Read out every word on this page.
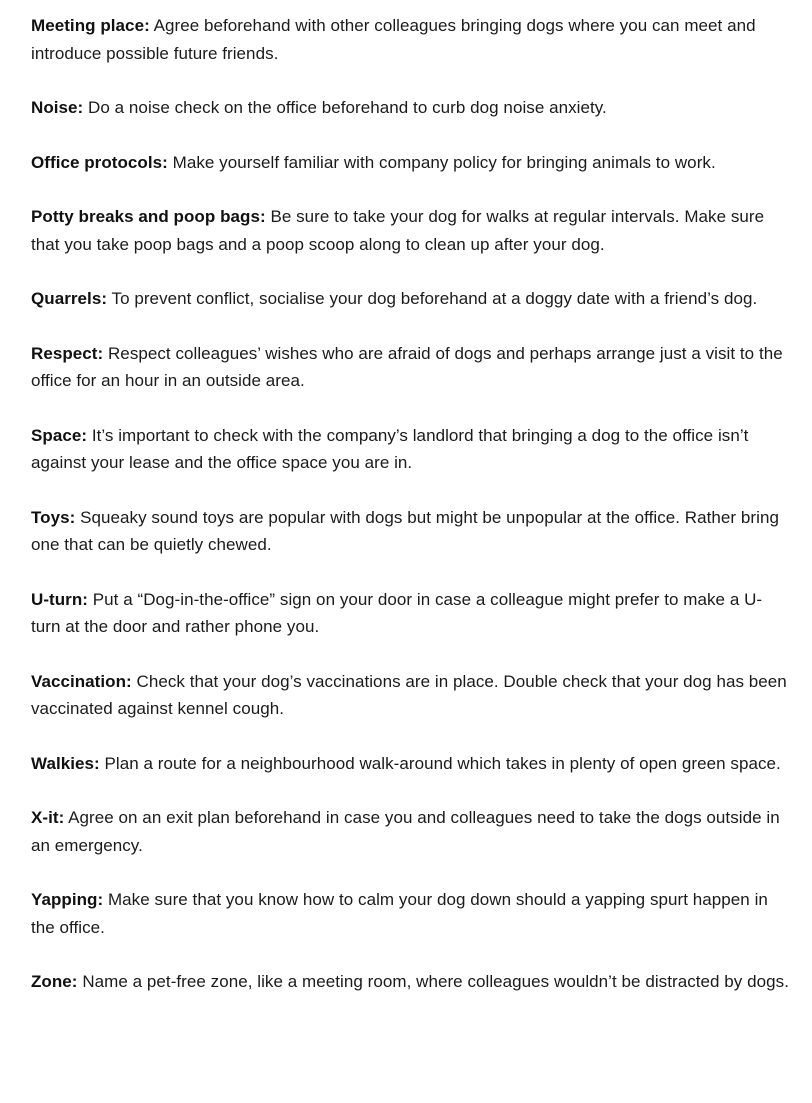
Meeting place: Agree beforehand with other colleagues bringing dogs where you can meet and introduce possible future friends.

Noise: Do a noise check on the office beforehand to curb dog noise anxiety.

Office protocols: Make yourself familiar with company policy for bringing animals to work.

Potty breaks and poop bags: Be sure to take your dog for walks at regular intervals. Make sure that you take poop bags and a poop scoop along to clean up after your dog.

Quarrels: To prevent conflict, socialise your dog beforehand at a doggy date with a friend’s dog.

Respect: Respect colleagues’ wishes who are afraid of dogs and perhaps arrange just a visit to the office for an hour in an outside area.

Space: It’s important to check with the company’s landlord that bringing a dog to the office isn’t against your lease and the office space you are in.

Toys: Squeaky sound toys are popular with dogs but might be unpopular at the office. Rather bring one that can be quietly chewed.

U-turn: Put a “Dog-in-the-office” sign on your door in case a colleague might prefer to make a U-turn at the door and rather phone you.

Vaccination: Check that your dog’s vaccinations are in place. Double check that your dog has been vaccinated against kennel cough.

Walkies: Plan a route for a neighbourhood walk-around which takes in plenty of open green space.

X-it: Agree on an exit plan beforehand in case you and colleagues need to take the dogs outside in an emergency.

Yapping: Make sure that you know how to calm your dog down should a yapping spurt happen in the office.

Zone: Name a pet-free zone, like a meeting room, where colleagues wouldn’t be distracted by dogs.
